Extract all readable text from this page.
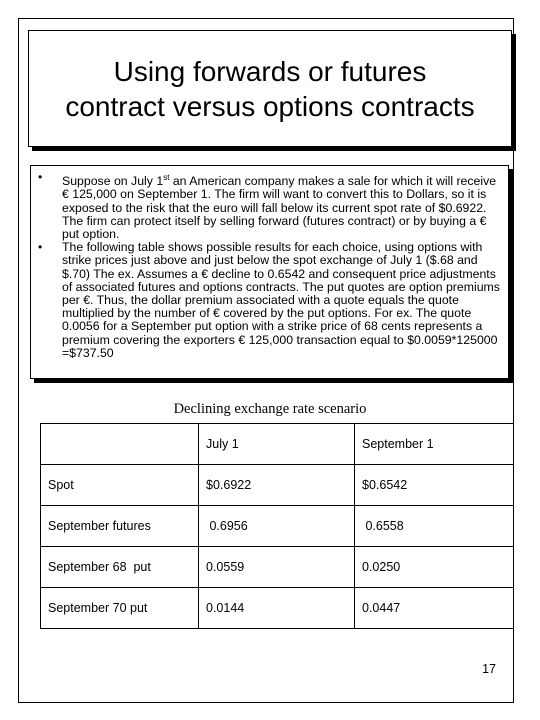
Using forwards or futures
contract versus options contracts
• Suppose on July 1st an American company makes a sale for which it will receive € 125,000 on September 1. The firm will want to convert this to Dollars, so it is exposed to the risk that the euro will fall below its current spot rate of $0.6922. The firm can protect itself by selling forward (futures contract) or by buying a € put option.
• The following table shows possible results for each choice, using options with strike prices just above and just below the spot exchange of July 1 ($.68 and $.70) The ex. Assumes a € decline to 0.6542 and consequent price adjustments of associated futures and options contracts. The put quotes are option premiums per €. Thus, the dollar premium associated with a quote equals the quote multiplied by the number of € covered by the put options. For ex. The quote 0.0056 for a September put option with a strike price of 68 cents represents a premium covering the exporters € 125,000 transaction equal to $0.0059*125000 =$737.50

Declining exchange rate scenario

	July 1	September 1
Spot	$0.6922	$0.6542
September futures	0.6956	0.6558
September 68  put	0.0559	0.0250
September 70 put	0.0144	0.0447
17
